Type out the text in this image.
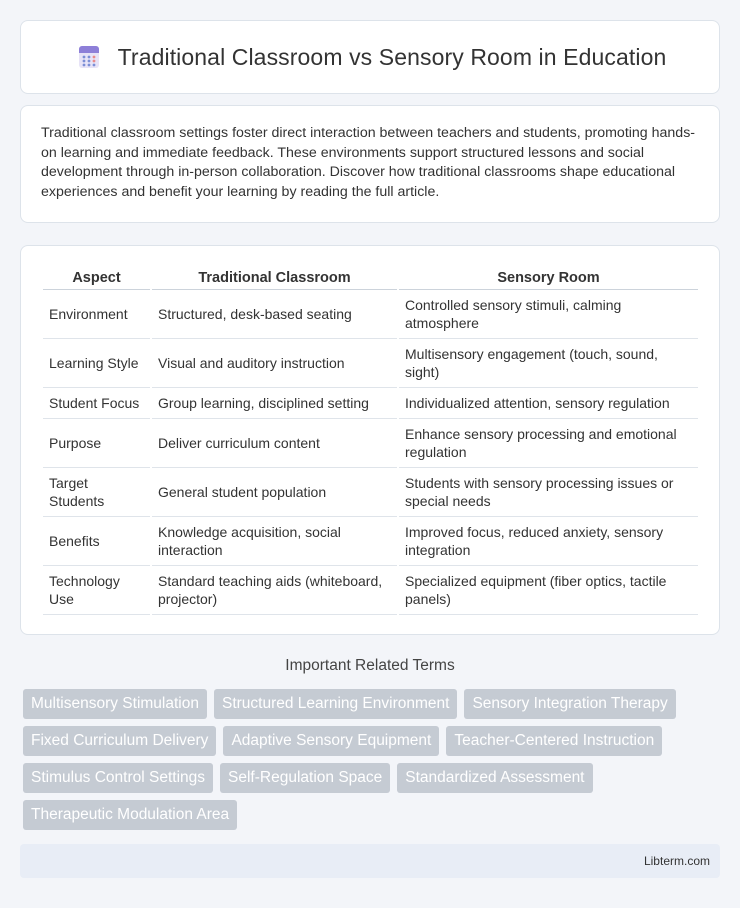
Traditional Classroom vs Sensory Room in Education

Traditional classroom settings foster direct interaction between teachers and students, promoting hands-on learning and immediate feedback. These environments support structured lessons and social development through in-person collaboration. Discover how traditional classrooms shape educational experiences and benefit your learning by reading the full article.

Aspect	Traditional Classroom	Sensory Room
Environment	Structured, desk-based seating	Controlled sensory stimuli, calming atmosphere
Learning Style	Visual and auditory instruction	Multisensory engagement (touch, sound, sight)
Student Focus	Group learning, disciplined setting	Individualized attention, sensory regulation
Purpose	Deliver curriculum content	Enhance sensory processing and emotional regulation
Target Students	General student population	Students with sensory processing issues or special needs
Benefits	Knowledge acquisition, social interaction	Improved focus, reduced anxiety, sensory integration
Technology Use	Standard teaching aids (whiteboard, projector)	Specialized equipment (fiber optics, tactile panels)
Important Related Terms
Multisensory Stimulation	Structured Learning Environment	Sensory Integration Therapy
Fixed Curriculum Delivery	Adaptive Sensory Equipment	Teacher-Centered Instruction
Stimulus Control Settings	Self-Regulation Space	Standardized Assessment
Therapeutic Modulation Area
Libterm.com
